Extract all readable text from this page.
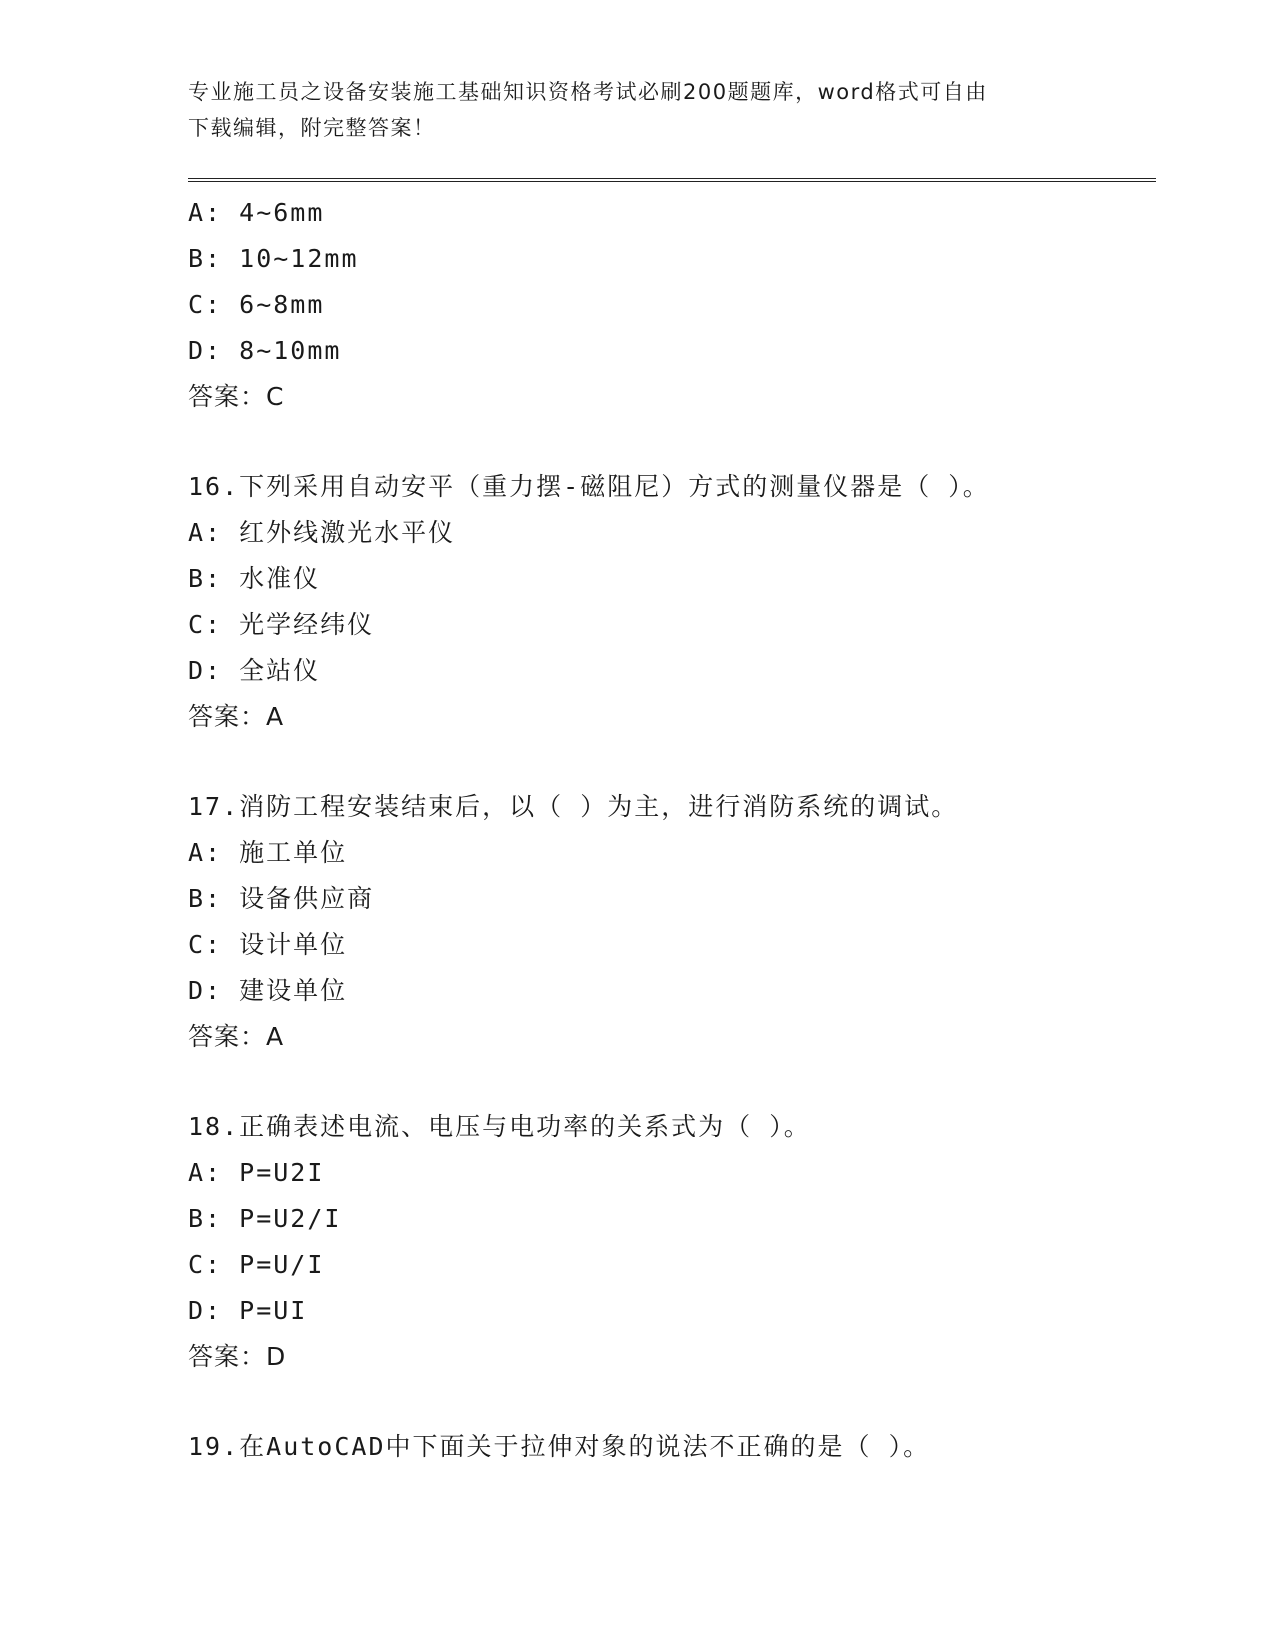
专业施工员之设备安装施工基础知识资格考试必刷200题题库，word格式可自由
下载编辑，附完整答案！
A: 4~6mm
B: 10~12mm
C: 6~8mm
D: 8~10mm
答案：C
16.下列采用自动安平（重力摆-磁阻尼）方式的测量仪器是（ ）。
A: 红外线激光水平仪
B: 水准仪
C: 光学经纬仪
D: 全站仪
答案：A
17.消防工程安装结束后，以（ ）为主，进行消防系统的调试。
A: 施工单位
B: 设备供应商
C: 设计单位
D: 建设单位
答案：A
18.正确表述电流、电压与电功率的关系式为（ ）。
A: P=U2I
B: P=U2/I
C: P=U/I
D: P=UI
答案：D
19.在AutoCAD中下面关于拉伸对象的说法不正确的是（ ）。
